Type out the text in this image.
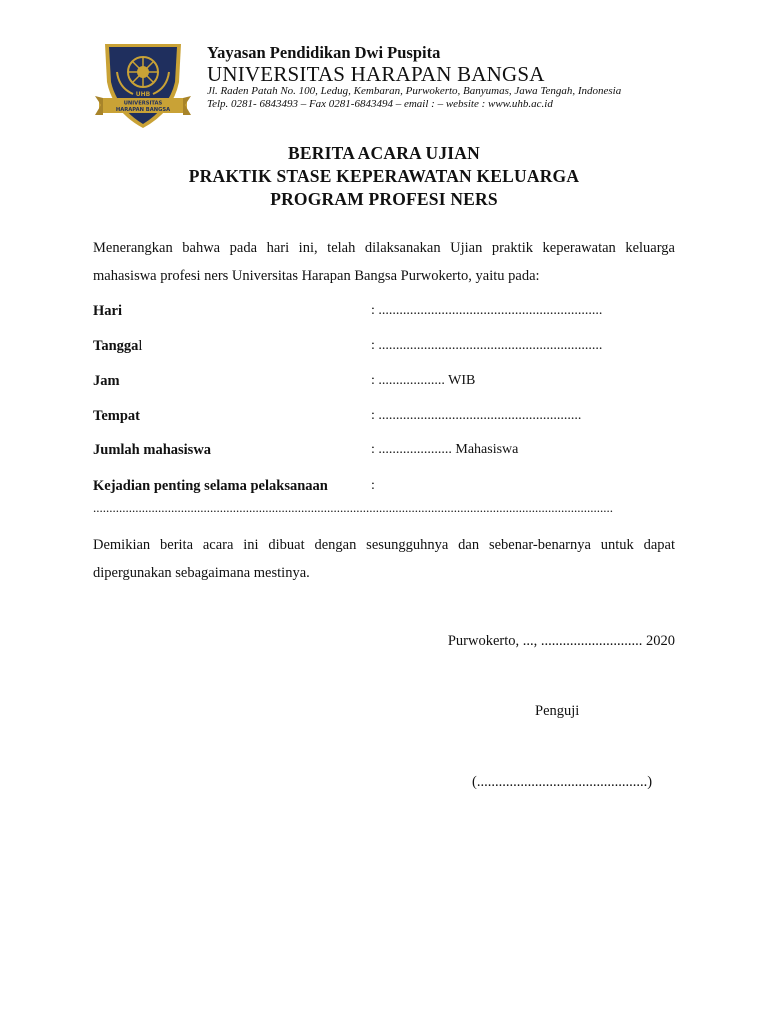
UHB
UNIVERSITAS
HARAPAN BANGSA

Yayasan Pendidikan Dwi Puspita

UNIVERSITAS HARAPAN BANGSA

Jl. Raden Patah No. 100, Ledug, Kembaran, Purwokerto, Banyumas, Jawa Tengah, Indonesia

Telp. 0281- 6843493 – Fax 0281-6843494 – email : – website : www.uhb.ac.id

BERITA ACARA UJIAN
PRAKTIK STASE KEPERAWATAN KELUARGA
PROGRAM PROFESI NERS

Menerangkan bahwa pada hari ini, telah dilaksanakan Ujian praktik keperawatan keluarga mahasiswa profesi ners Universitas Harapan Bangsa Purwokerto, yaitu pada:

Hari	: ................................................................
Tanggal	: ................................................................
Jam	: ................... WIB
Tempat	: ..........................................................
Jumlah mahasiswa	: ..................... Mahasiswa
Kejadian penting selama pelaksanaan	:
................................................................................................................................................................

Demikian berita acara ini dibuat dengan sesungguhnya dan sebenar-benarnya untuk dapat dipergunakan sebagaimana mestinya.

Purwokerto, ..., ............................ 2020
Penguji
(...............................................)
